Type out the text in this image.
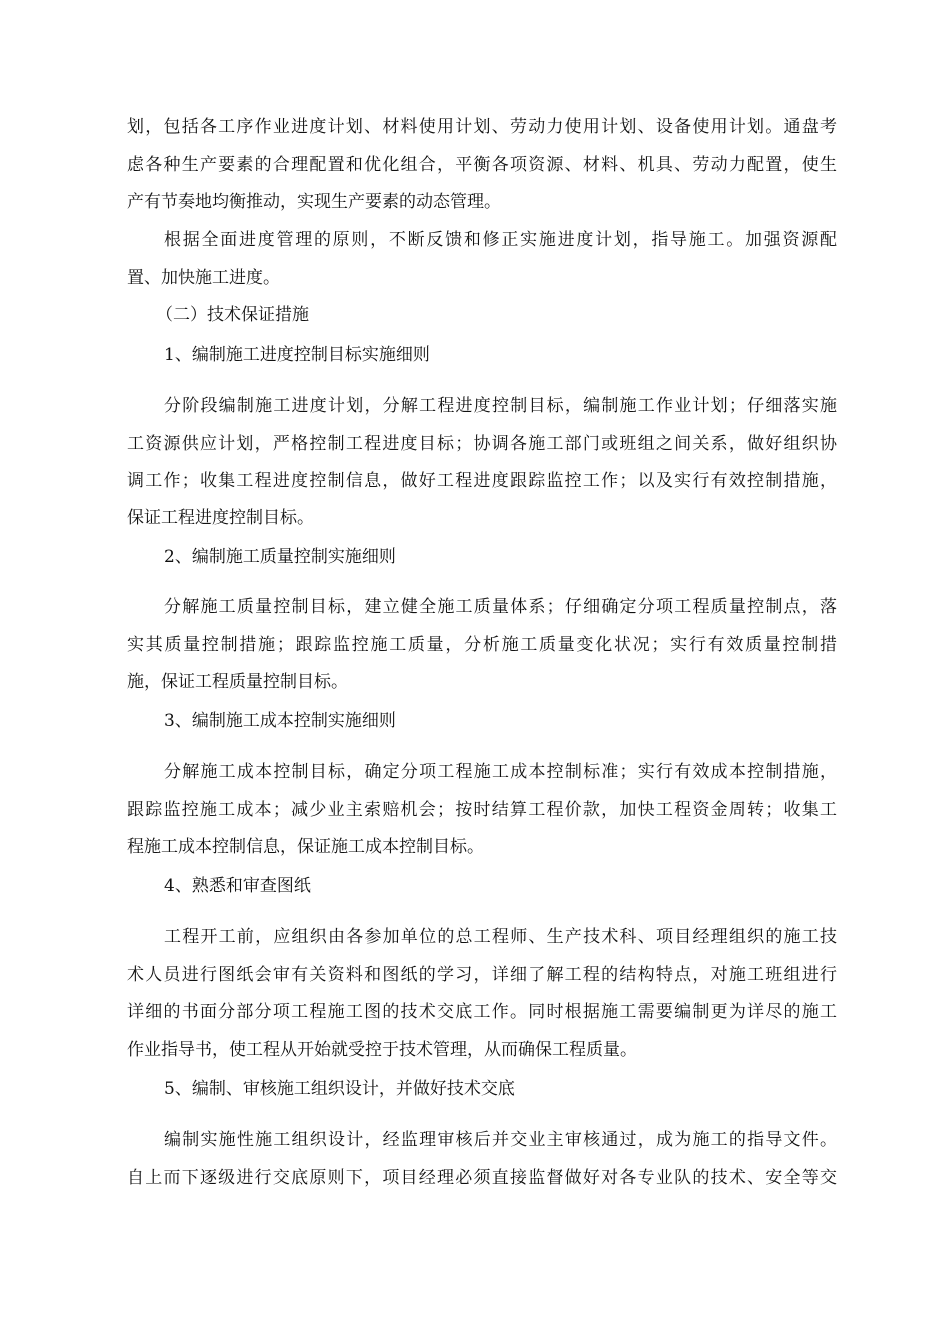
划，包括各工序作业进度计划、材料使用计划、劳动力使用计划、设备使用计划。通盘考
虑各种生产要素的合理配置和优化组合，平衡各项资源、材料、机具、劳动力配置，使生
产有节奏地均衡推动，实现生产要素的动态管理。
根据全面进度管理的原则，不断反馈和修正实施进度计划，指导施工。加强资源配
置、加快施工进度。
（二）技术保证措施
1、编制施工进度控制目标实施细则
分阶段编制施工进度计划，分解工程进度控制目标，编制施工作业计划；仔细落实施
工资源供应计划，严格控制工程进度目标；协调各施工部门或班组之间关系，做好组织协
调工作；收集工程进度控制信息，做好工程进度跟踪监控工作；以及实行有效控制措施，
保证工程进度控制目标。
2、编制施工质量控制实施细则
分解施工质量控制目标，建立健全施工质量体系；仔细确定分项工程质量控制点，落
实其质量控制措施；跟踪监控施工质量，分析施工质量变化状况；实行有效质量控制措
施，保证工程质量控制目标。
3、编制施工成本控制实施细则
分解施工成本控制目标，确定分项工程施工成本控制标准；实行有效成本控制措施，
跟踪监控施工成本；减少业主索赔机会；按时结算工程价款，加快工程资金周转；收集工
程施工成本控制信息，保证施工成本控制目标。
4、熟悉和审查图纸
工程开工前，应组织由各参加单位的总工程师、生产技术科、项目经理组织的施工技
术人员进行图纸会审有关资料和图纸的学习，详细了解工程的结构特点，对施工班组进行
详细的书面分部分项工程施工图的技术交底工作。同时根据施工需要编制更为详尽的施工
作业指导书，使工程从开始就受控于技术管理，从而确保工程质量。
5、编制、审核施工组织设计，并做好技术交底
编制实施性施工组织设计，经监理审核后并交业主审核通过，成为施工的指导文件。
自上而下逐级进行交底原则下，项目经理必须直接监督做好对各专业队的技术、安全等交
